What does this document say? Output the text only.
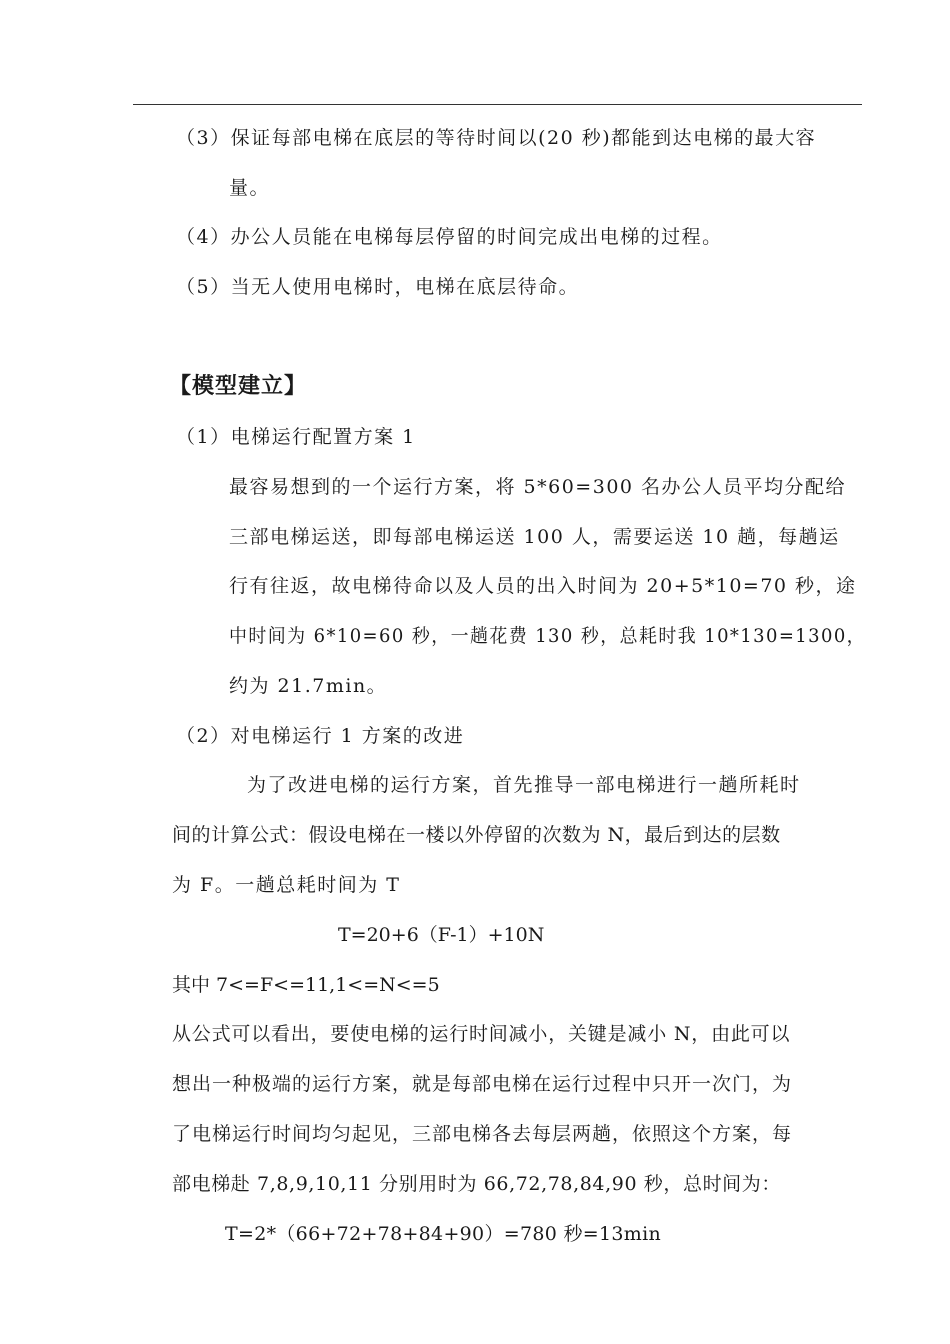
（3）保证每部电梯在底层的等待时间以(20 秒)都能到达电梯的最大容
量。
（4）办公人员能在电梯每层停留的时间完成出电梯的过程。
（5）当无人使用电梯时，电梯在底层待命。
【模型建立】
（1）电梯运行配置方案 1
最容易想到的一个运行方案，将 5*60=300 名办公人员平均分配给
三部电梯运送，即每部电梯运送 100 人，需要运送 10 趟，每趟运
行有往返，故电梯待命以及人员的出入时间为 20+5*10=70 秒，途
中时间为 6*10=60 秒，一趟花费 130 秒，总耗时我 10*130=1300，
约为 21.7min。
（2）对电梯运行 1 方案的改进
为了改进电梯的运行方案，首先推导一部电梯进行一趟所耗时
间的计算公式：假设电梯在一楼以外停留的次数为 N，最后到达的层数
为 F。一趟总耗时间为 T
T=20+6（F-1）+10N
其中 7<=F<=11,1<=N<=5
从公式可以看出，要使电梯的运行时间减小，关键是减小 N，由此可以
想出一种极端的运行方案，就是每部电梯在运行过程中只开一次门，为
了电梯运行时间均匀起见，三部电梯各去每层两趟，依照这个方案，每
部电梯赴 7,8,9,10,11 分别用时为 66,72,78,84,90 秒，总时间为：
T=2*（66+72+78+84+90）=780 秒=13min
